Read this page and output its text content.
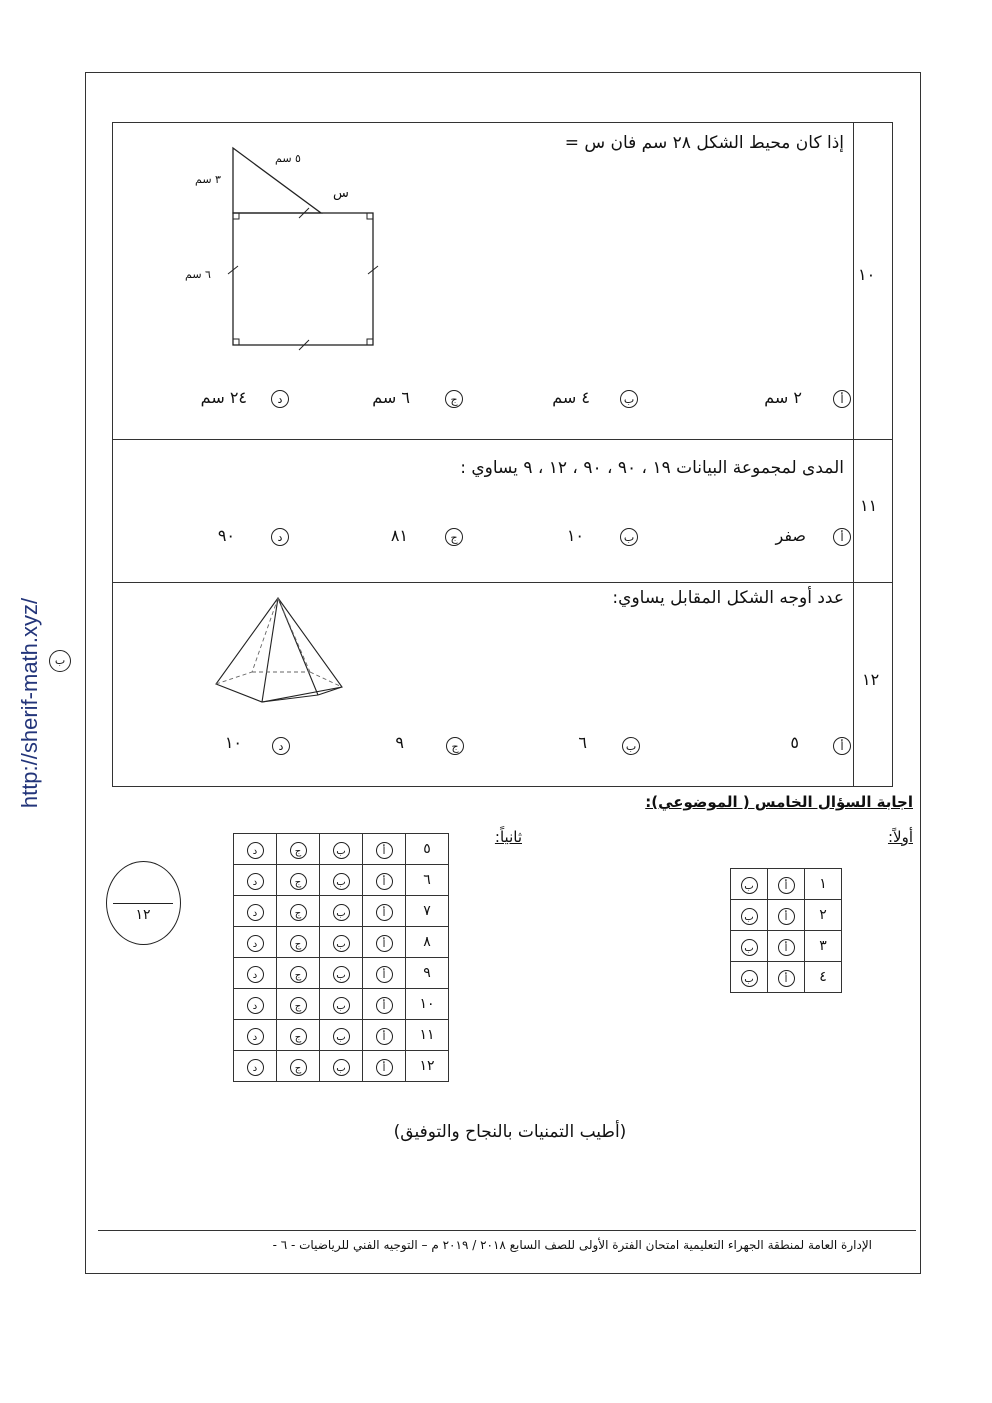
http://sherif-math.xyz/	ب
١٠
إذا كان محيط الشكل ٢٨ سم فان س =
٥ سم
٣ سم
٦ سم
س
أ
٢ سم
ب
٤ سم
ج
٦ سم
د
٢٤ سم
١١
المدى لمجموعة البيانات ١٩ ، ٩٠ ، ٩٠ ، ١٢ ، ٩ يساوي :
أ
صفر
ب
١٠
ج
٨١
د
٩٠
١٢
عدد أوجه الشكل المقابل يساوي:
أ
٥
ب
٦
ج
٩
د
١٠
اجابة السؤال الخامس ( الموضوعي):
أولاً:
ثانياً:
١٢
ب	أ	١
ب	أ	٢
ب	أ	٣
ب	أ	٤
د	ج	ب	أ	٥
د	ج	ب	أ	٦
د	ج	ب	أ	٧
د	ج	ب	أ	٨
د	ج	ب	أ	٩
د	ج	ب	أ	١٠
د	ج	ب	أ	١١
د	ج	ب	أ	١٢
(أطيب التمنيات بالنجاح والتوفيق)
الإدارة العامة لمنطقة الجهراء التعليمية امتحان الفترة الأولى للصف السابع ٢٠١٨ / ٢٠١٩ م – التوجيه الفني للرياضيات - ٦ -
